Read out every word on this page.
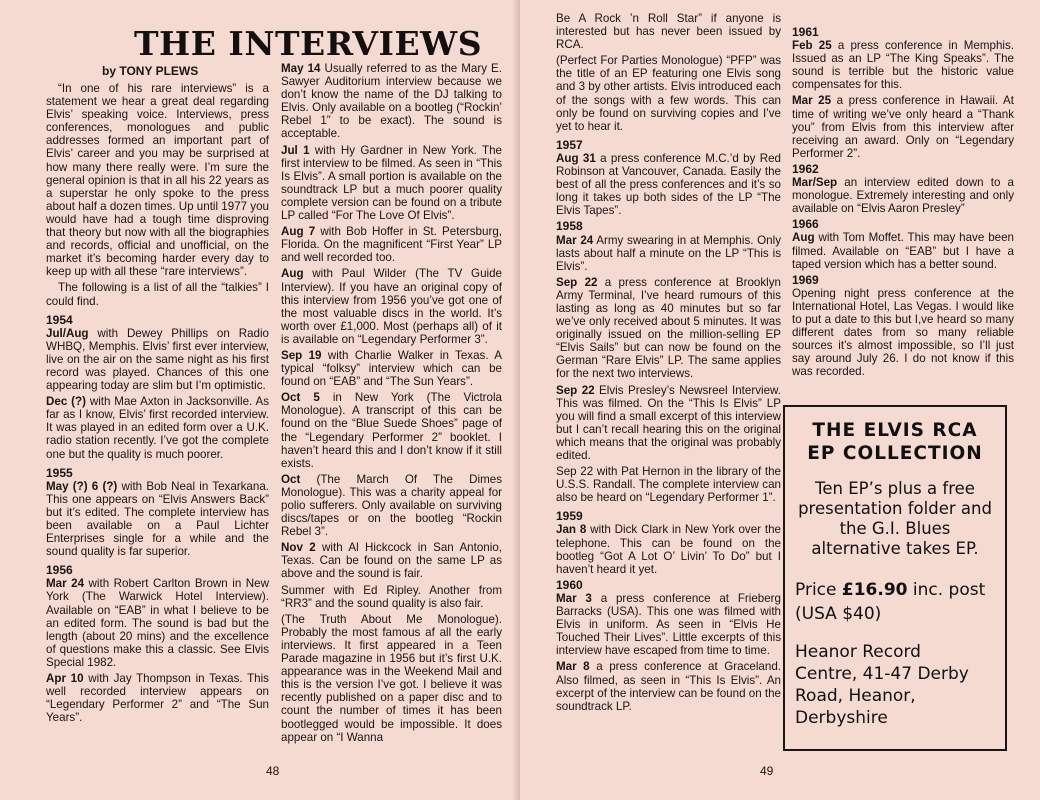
THE INTERVIEWS
by TONY PLEWS

“In one of his rare interviews” is a statement we hear a great deal regarding Elvis’ speaking voice. Interviews, press conferences, monologues and public addresses formed an important part of Elvis’ career and you may be surprised at how many there really were. I’m sure the general opinion is that in all his 22 years as a superstar he only spoke to the press about half a dozen times. Up until 1977 you would have had a tough time disproving that theory but now with all the biographies and records, official and unofficial, on the market it’s becoming harder every day to keep up with all these “rare interviews”.

The following is a list of all the “talkies” I could find.

1954

Jul/Aug with Dewey Phillips on Radio WHBQ, Memphis. Elvis’ first ever interview, live on the air on the same night as his first record was played. Chances of this one appearing today are slim but I’m optimistic.

Dec (?) with Mae Axton in Jacksonville. As far as I know, Elvis’ first recorded interview. It was played in an edited form over a U.K. radio station recently. I’ve got the complete one but the quality is much poorer.

1955

May (?) 6 (?) with Bob Neal in Texarkana. This one appears on “Elvis Answers Back” but it’s edited. The complete interview has been available on a Paul Lichter Enterprises single for a while and the sound quality is far superior.

1956

Mar 24 with Robert Carlton Brown in New York (The Warwick Hotel Interview). Available on “EAB” in what I believe to be an edited form. The sound is bad but the length (about 20 mins) and the excellence of questions make this a classic. See Elvis Special 1982.

Apr 10 with Jay Thompson in Texas. This well recorded interview appears on “Legendary Performer 2” and “The Sun Years”.

May 14 Usually referred to as the Mary E. Sawyer Auditorium interview because we don’t know the name of the DJ talking to Elvis. Only available on a bootleg (“Rockin’ Rebel 1” to be exact). The sound is acceptable.

Jul 1 with Hy Gardner in New York. The first interview to be filmed. As seen in “This Is Elvis”. A small portion is available on the soundtrack LP but a much poorer quality complete version can be found on a tribute LP called “For The Love Of Elvis”.

Aug 7 with Bob Hoffer in St. Petersburg, Florida. On the magnificent “First Year” LP and well recorded too.

Aug with Paul Wilder (The TV Guide Interview). If you have an original copy of this interview from 1956 you’ve got one of the most valuable discs in the world. It’s worth over £1,000. Most (perhaps all) of it is available on “Legendary Performer 3”.

Sep 19 with Charlie Walker in Texas. A typical “folksy” interview which can be found on “EAB” and “The Sun Years”.

Oct 5 in New York (The Victrola Monologue). A transcript of this can be found on the “Blue Suede Shoes” page of the “Legendary Performer 2” booklet. I haven’t heard this and I don’t know if it still exists.

Oct (The March Of The Dimes Monologue). This was a charity appeal for polio sufferers. Only available on surviving discs/tapes or on the bootleg “Rockin Rebel 3”.

Nov 2 with Al Hickcock in San Antonio, Texas. Can be found on the same LP as above and the sound is fair.

Summer with Ed Ripley. Another from “RR3” and the sound quality is also fair.

(The Truth About Me Monologue). Probably the most famous af all the early interviews. It first appeared in a Teen Parade magazine in 1956 but it’s first U.K. appearance was in the Weekend Mail and this is the version I’ve got. I believe it was recently published on a paper disc and to count the number of times it has been bootlegged would be impossible. It does appear on “I Wanna

48

Be A Rock ’n Roll Star” if anyone is interested but has never been issued by RCA.

(Perfect For Parties Monologue) “PFP” was the title of an EP featuring one Elvis song and 3 by other artists. Elvis introduced each of the songs with a few words. This can only be found on surviving copies and I’ve yet to hear it.

1957

Aug 31 a press conference M.C.’d by Red Robinson at Vancouver, Canada. Easily the best of all the press conferences and it’s so long it takes up both sides of the LP “The Elvis Tapes”.

1958

Mar 24 Army swearing in at Memphis. Only lasts about half a minute on the LP “This is Elvis”.

Sep 22 a press conference at Brooklyn Army Terminal, I’ve heard rumours of this lasting as long as 40 minutes but so far we’ve only received about 5 minutes. It was originally issued on the million-selling EP “Elvis Sails” but can now be found on the German “Rare Elvis” LP. The same applies for the next two interviews.

Sep 22 Elvis Presley’s Newsreel Interview. This was filmed. On the “This Is Elvis” LP you will find a small excerpt of this interview but I can’t recall hearing this on the original which means that the original was probably edited.

Sep 22 with Pat Hernon in the library of the U.S.S. Randall. The complete interview can also be heard on “Legendary Performer 1”.

1959

Jan 8 with Dick Clark in New York over the telephone. This can be found on the bootleg “Got A Lot O’ Livin’ To Do” but I haven’t heard it yet.

1960

Mar 3 a press conference at Frieberg Barracks (USA). This one was filmed with Elvis in uniform. As seen in “Elvis He Touched Their Lives”. Little excerpts of this interview have escaped from time to time.

Mar 8 a press conference at Graceland. Also filmed, as seen in “This Is Elvis”. An excerpt of the interview can be found on the soundtrack LP.

1961

Feb 25 a press conference in Memphis. Issued as an LP “The King Speaks”. The sound is terrible but the historic value compensates for this.

Mar 25 a press conference in Hawaii. At time of writing we’ve only heard a “Thank you” from Elvis from this interview after receiving an award. Only on “Legendary Performer 2”.

1962

Mar/Sep an interview edited down to a monologue. Extremely interesting and only available on “Elvis Aaron Presley”

1966

Aug with Tom Moffet. This may have been filmed. Available on “EAB” but I have a taped version which has a better sound.

1969

Opening night press conference at the International Hotel, Las Vegas. I would like to put a date to this but I,ve heard so many different dates from so many reliable sources it’s almost impossible, so I’ll just say around July 26. I do not know if this was recorded.

49
THE ELVIS RCA
EP COLLECTION
Ten EP’s plus a free presentation folder and the G.I. Blues alternative takes EP.
Price £16.90 inc. post
(USA $40)
Heanor Record
Centre, 41-47 Derby
Road, Heanor,
Derbyshire
